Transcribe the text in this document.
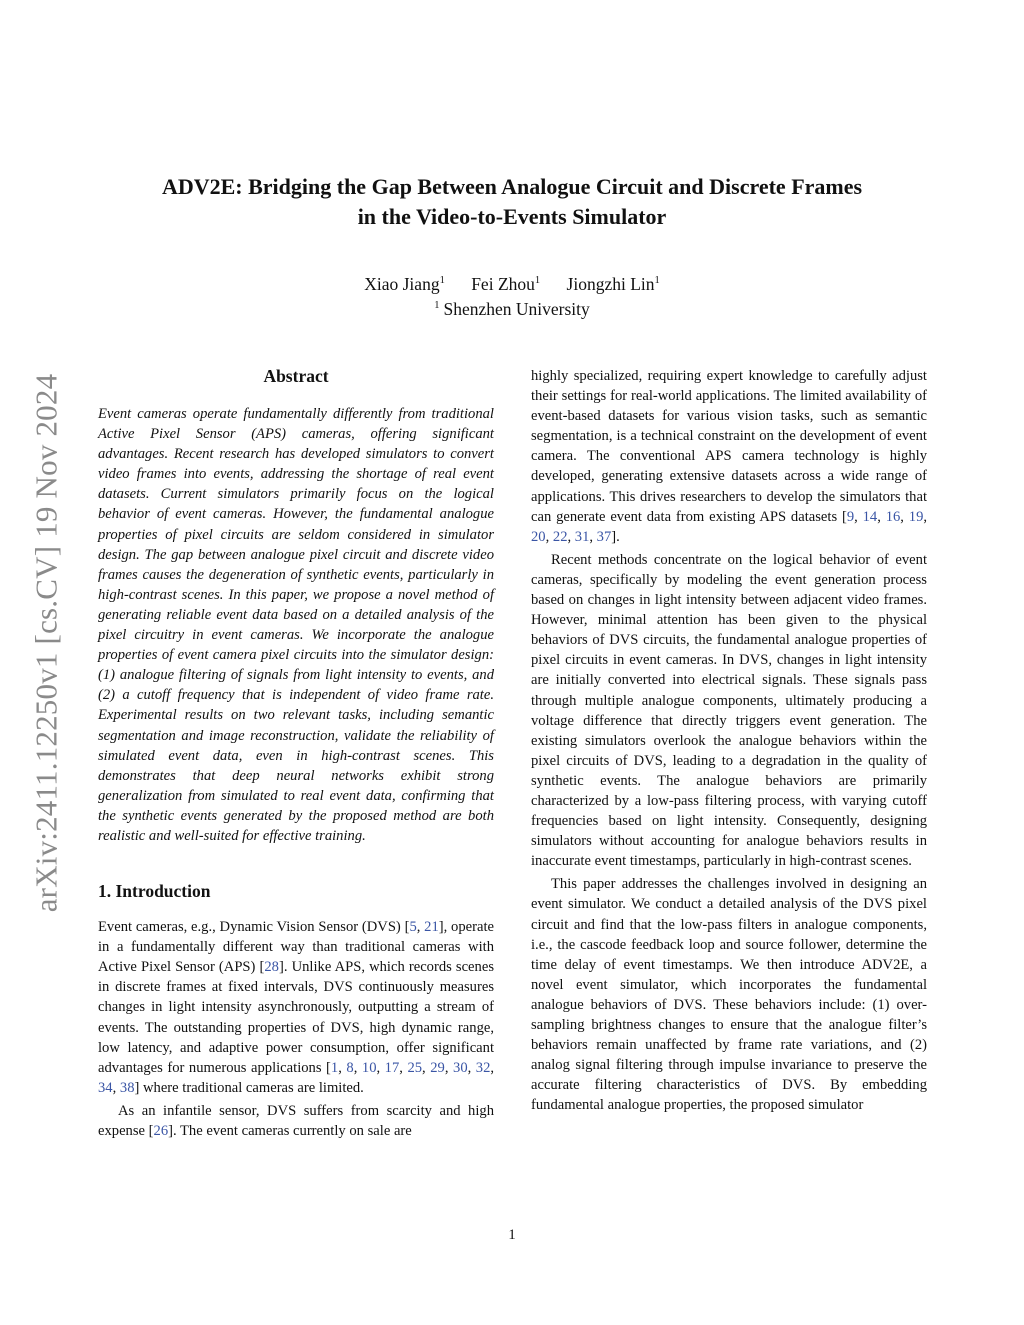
arXiv:2411.12250v1 [cs.CV] 19 Nov 2024
ADV2E: Bridging the Gap Between Analogue Circuit and Discrete Frames
in the Video-to-Events Simulator
Xiao Jiang$^1$ Fei Zhou$^1$ Jiongzhi Lin$^1$
$^1$ Shenzhen University
Abstract

Event cameras operate fundamentally differently from traditional Active Pixel Sensor (APS) cameras, offering significant advantages. Recent research has developed simulators to convert video frames into events, addressing the shortage of real event datasets. Current simulators primarily focus on the logical behavior of event cameras. However, the fundamental analogue properties of pixel circuits are seldom considered in simulator design. The gap between analogue pixel circuit and discrete video frames causes the degeneration of synthetic events, particularly in high-contrast scenes. In this paper, we propose a novel method of generating reliable event data based on a detailed analysis of the pixel circuitry in event cameras. We incorporate the analogue properties of event camera pixel circuits into the simulator design: (1) analogue filtering of signals from light intensity to events, and (2) a cutoff frequency that is independent of video frame rate. Experimental results on two relevant tasks, including semantic segmentation and image reconstruction, validate the reliability of simulated event data, even in high-contrast scenes. This demonstrates that deep neural networks exhibit strong generalization from simulated to real event data, confirming that the synthetic events generated by the proposed method are both realistic and well-suited for effective training.

1. Introduction

Event cameras, e.g., Dynamic Vision Sensor (DVS) [5, 21], operate in a fundamentally different way than traditional cameras with Active Pixel Sensor (APS) [28]. Unlike APS, which records scenes in discrete frames at fixed intervals, DVS continuously measures changes in light intensity asynchronously, outputting a stream of events. The outstanding properties of DVS, high dynamic range, low latency, and adaptive power consumption, offer significant advantages for numerous applications [1, 8, 10, 17, 25, 29, 30, 32, 34, 38] where traditional cameras are limited.

As an infantile sensor, DVS suffers from scarcity and high expense [26]. The event cameras currently on sale are

highly specialized, requiring expert knowledge to carefully adjust their settings for real-world applications. The limited availability of event-based datasets for various vision tasks, such as semantic segmentation, is a technical constraint on the development of event camera. The conventional APS camera technology is highly developed, generating extensive datasets across a wide range of applications. This drives researchers to develop the simulators that can generate event data from existing APS datasets [9, 14, 16, 19, 20, 22, 31, 37].

Recent methods concentrate on the logical behavior of event cameras, specifically by modeling the event generation process based on changes in light intensity between adjacent video frames. However, minimal attention has been given to the physical behaviors of DVS circuits, the fundamental analogue properties of pixel circuits in event cameras. In DVS, changes in light intensity are initially converted into electrical signals. These signals pass through multiple analogue components, ultimately producing a voltage difference that directly triggers event generation. The existing simulators overlook the analogue behaviors within the pixel circuits of DVS, leading to a degradation in the quality of synthetic events. The analogue behaviors are primarily characterized by a low-pass filtering process, with varying cutoff frequencies based on light intensity. Consequently, designing simulators without accounting for analogue behaviors results in inaccurate event timestamps, particularly in high-contrast scenes.

This paper addresses the challenges involved in designing an event simulator. We conduct a detailed analysis of the DVS pixel circuit and find that the low-pass filters in analogue components, i.e., the cascode feedback loop and source follower, determine the time delay of event timestamps. We then introduce ADV2E, a novel event simulator, which incorporates the fundamental analogue behaviors of DVS. These behaviors include: (1) over-sampling brightness changes to ensure that the analogue filter’s behaviors remain unaffected by frame rate variations, and (2) analog signal filtering through impulse invariance to preserve the accurate filtering characteristics of DVS. By embedding fundamental analogue properties, the proposed simulator

1
